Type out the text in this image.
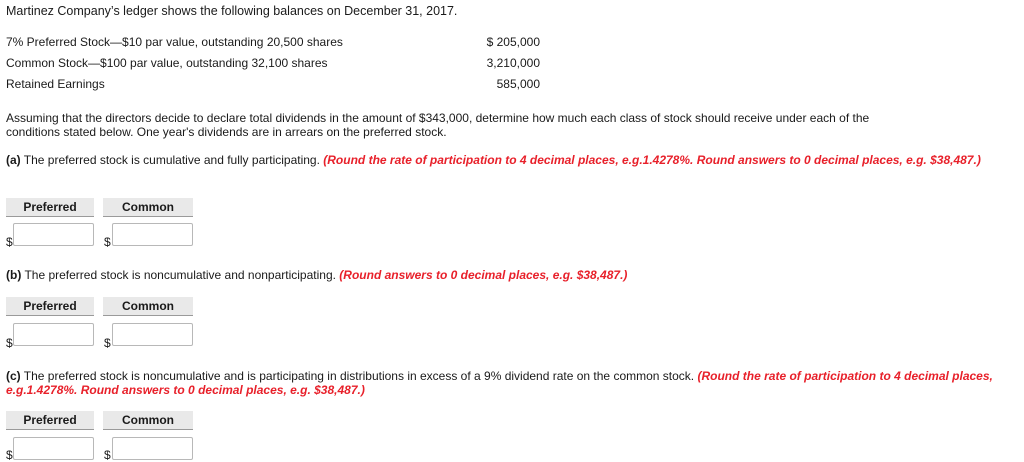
Martinez Company’s ledger shows the following balances on December 31, 2017.
7% Preferred Stock—$10 par value, outstanding 20,500 shares	$ 205,000
Common Stock—$100 par value, outstanding 32,100 shares	3,210,000
Retained Earnings	585,000
Assuming that the directors decide to declare total dividends in the amount of $343,000, determine how much each class of stock should receive under each of the
conditions stated below. One year's dividends are in arrears on the preferred stock.
(a) The preferred stock is cumulative and fully participating. (Round the rate of participation to 4 decimal places, e.g.1.4278%. Round answers to 0 decimal places, e.g. $38,487.)
Preferred	Common
$	$
(b) The preferred stock is noncumulative and nonparticipating. (Round answers to 0 decimal places, e.g. $38,487.)
Preferred	Common
$	$
(c) The preferred stock is noncumulative and is participating in distributions in excess of a 9% dividend rate on the common stock. (Round the rate of participation to 4 decimal places, e.g.1.4278%. Round answers to 0 decimal places, e.g. $38,487.)
Preferred	Common
$	$
